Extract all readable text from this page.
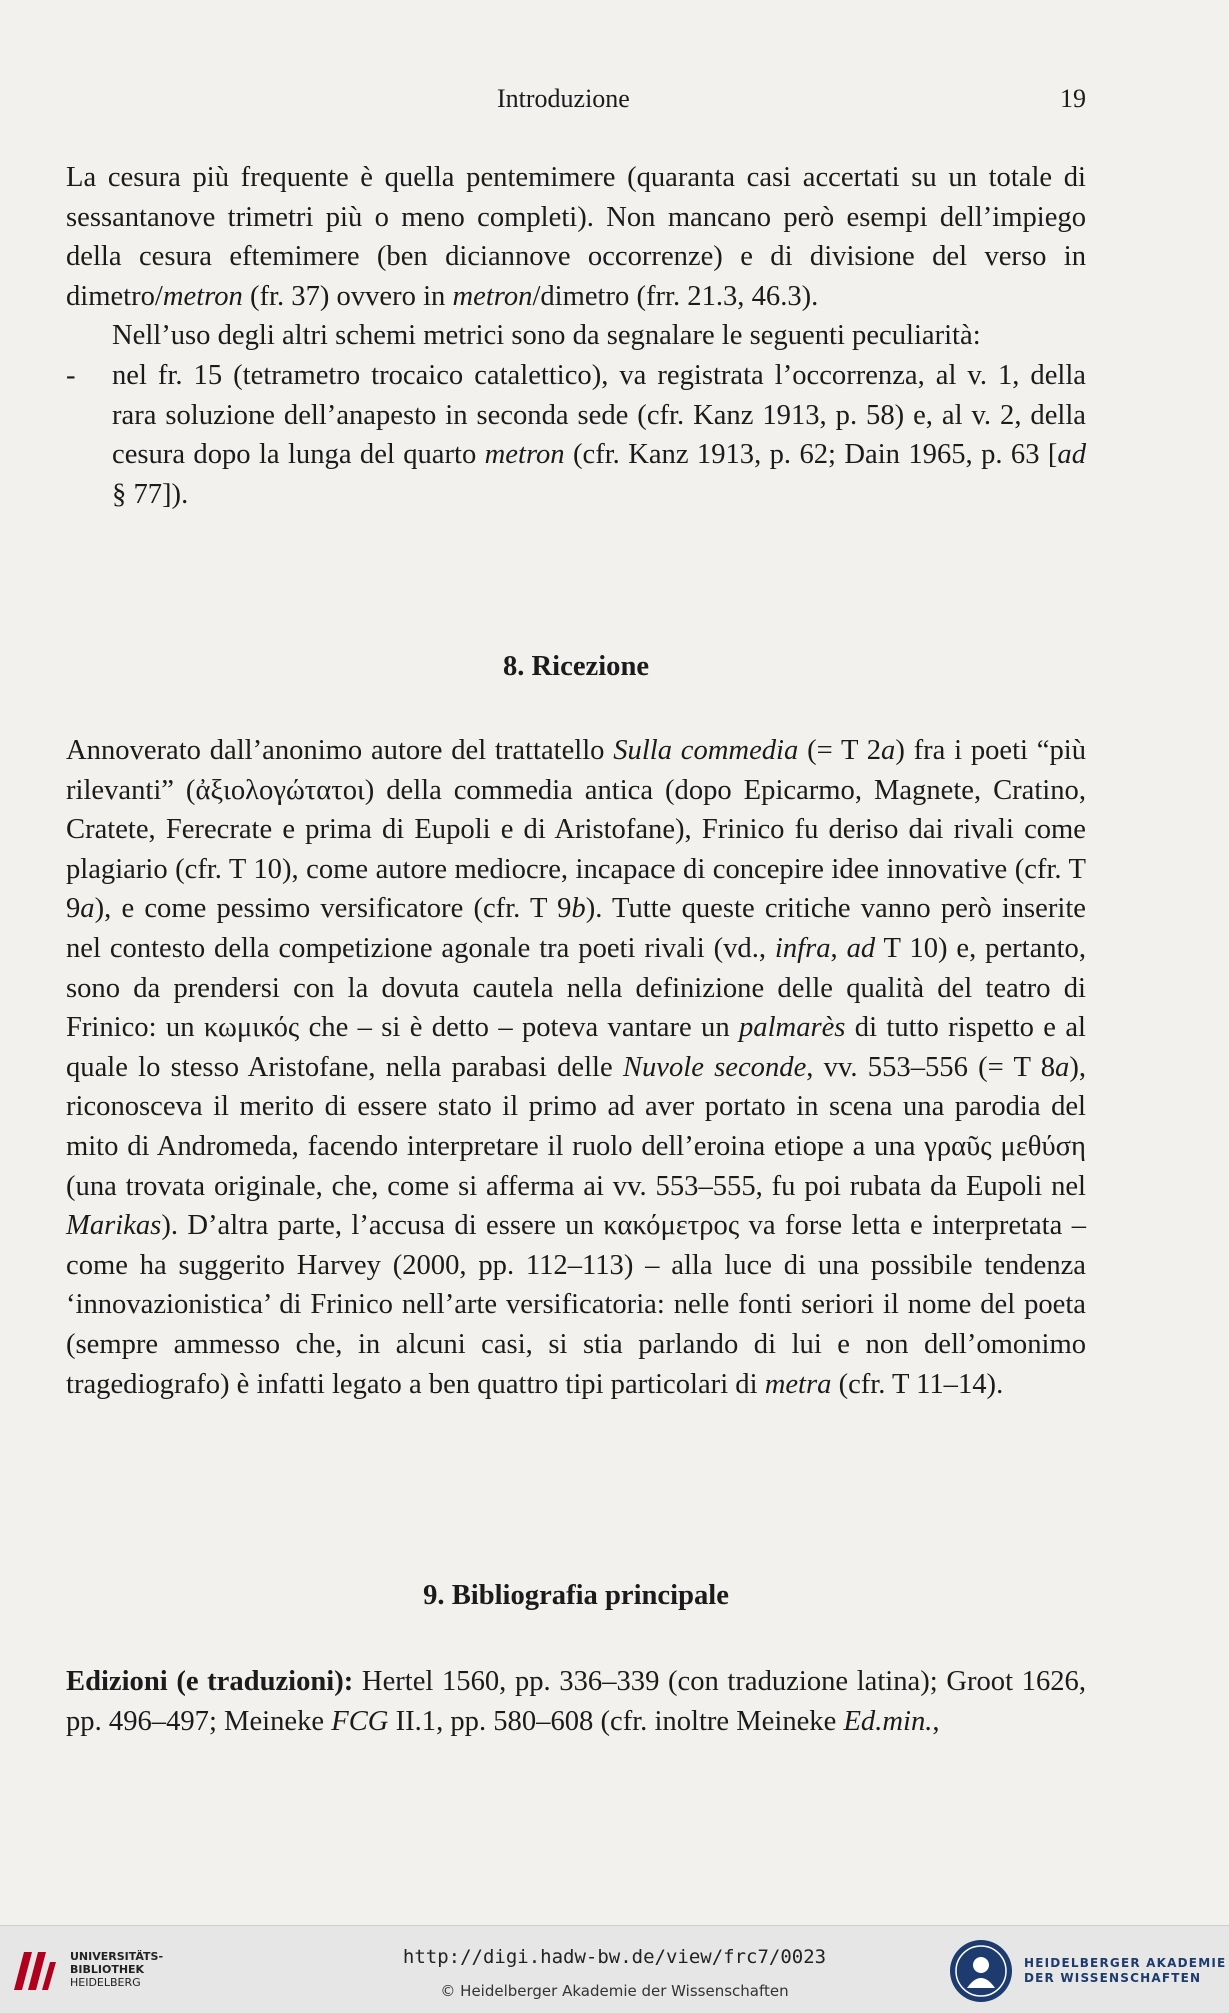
Introduzione	19

La cesura più frequente è quella pentemimere (quaranta casi accertati su un totale di sessantanove trimetri più o meno completi). Non mancano però esempi dell’impiego della cesura eftemimere (ben diciannove occorrenze) e di divisione del verso in dimetro/metron (fr. 37) ovvero in metron/dimetro (frr. 21.3, 46.3).

Nell’uso degli altri schemi metrici sono da segnalare le seguenti peculiarità:

- nel fr. 15 (tetrametro trocaico catalettico), va registrata l’occorrenza, al v. 1, della rara soluzione dell’anapesto in seconda sede (cfr. Kanz 1913, p. 58) e, al v. 2, della cesura dopo la lunga del quarto metron (cfr. Kanz 1913, p. 62; Dain 1965, p. 63 [ad § 77]).

8. Ricezione

Annoverato dall’anonimo autore del trattatello Sulla commedia (= T 2a) fra i poeti “più rilevanti” (ἀξιολογώτατοι) della commedia antica (dopo Epicarmo, Magnete, Cratino, Cratete, Ferecrate e prima di Eupoli e di Aristofane), Frinico fu deriso dai rivali come plagiario (cfr. T 10), come autore mediocre, incapace di concepire idee innovative (cfr. T 9a), e come pessimo versificatore (cfr. T 9b). Tutte queste critiche vanno però inserite nel contesto della competizione agonale tra poeti rivali (vd., infra, ad T 10) e, pertanto, sono da prendersi con la dovuta cautela nella definizione delle qualità del teatro di Frinico: un κωμικός che – si è detto – poteva vantare un palmarès di tutto rispetto e al quale lo stesso Aristofane, nella parabasi delle Nuvole seconde, vv. 553–556 (= T 8a), riconosceva il merito di essere stato il primo ad aver portato in scena una parodia del mito di Andromeda, facendo interpretare il ruolo dell’eroina etiope a una γραῦς μεθύση (una trovata originale, che, come si afferma ai vv. 553–555, fu poi rubata da Eupoli nel Marikas). D’altra parte, l’accusa di essere un κακόμετρος va forse letta e interpretata – come ha suggerito Harvey (2000, pp. 112–113) – alla luce di una possibile tendenza ‘innovazionistica’ di Frinico nell’arte versificatoria: nelle fonti seriori il nome del poeta (sempre ammesso che, in alcuni casi, si stia parlando di lui e non dell’omonimo tragediografo) è infatti legato a ben quattro tipi particolari di metra (cfr. T 11–14).

9. Bibliografia principale

Edizioni (e traduzioni): Hertel 1560, pp. 336–339 (con traduzione latina); Groot 1626, pp. 496–497; Meineke FCG II.1, pp. 580–608 (cfr. inoltre Meineke Ed.min.,

UNIVERSITÄTS-
BIBLIOTHEK
HEIDELBERG
http://digi.hadw-bw.de/view/frc7/0023
© Heidelberger Akademie der Wissenschaften
HEIDELBERGER AKADEMIE
DER WISSENSCHAFTEN
